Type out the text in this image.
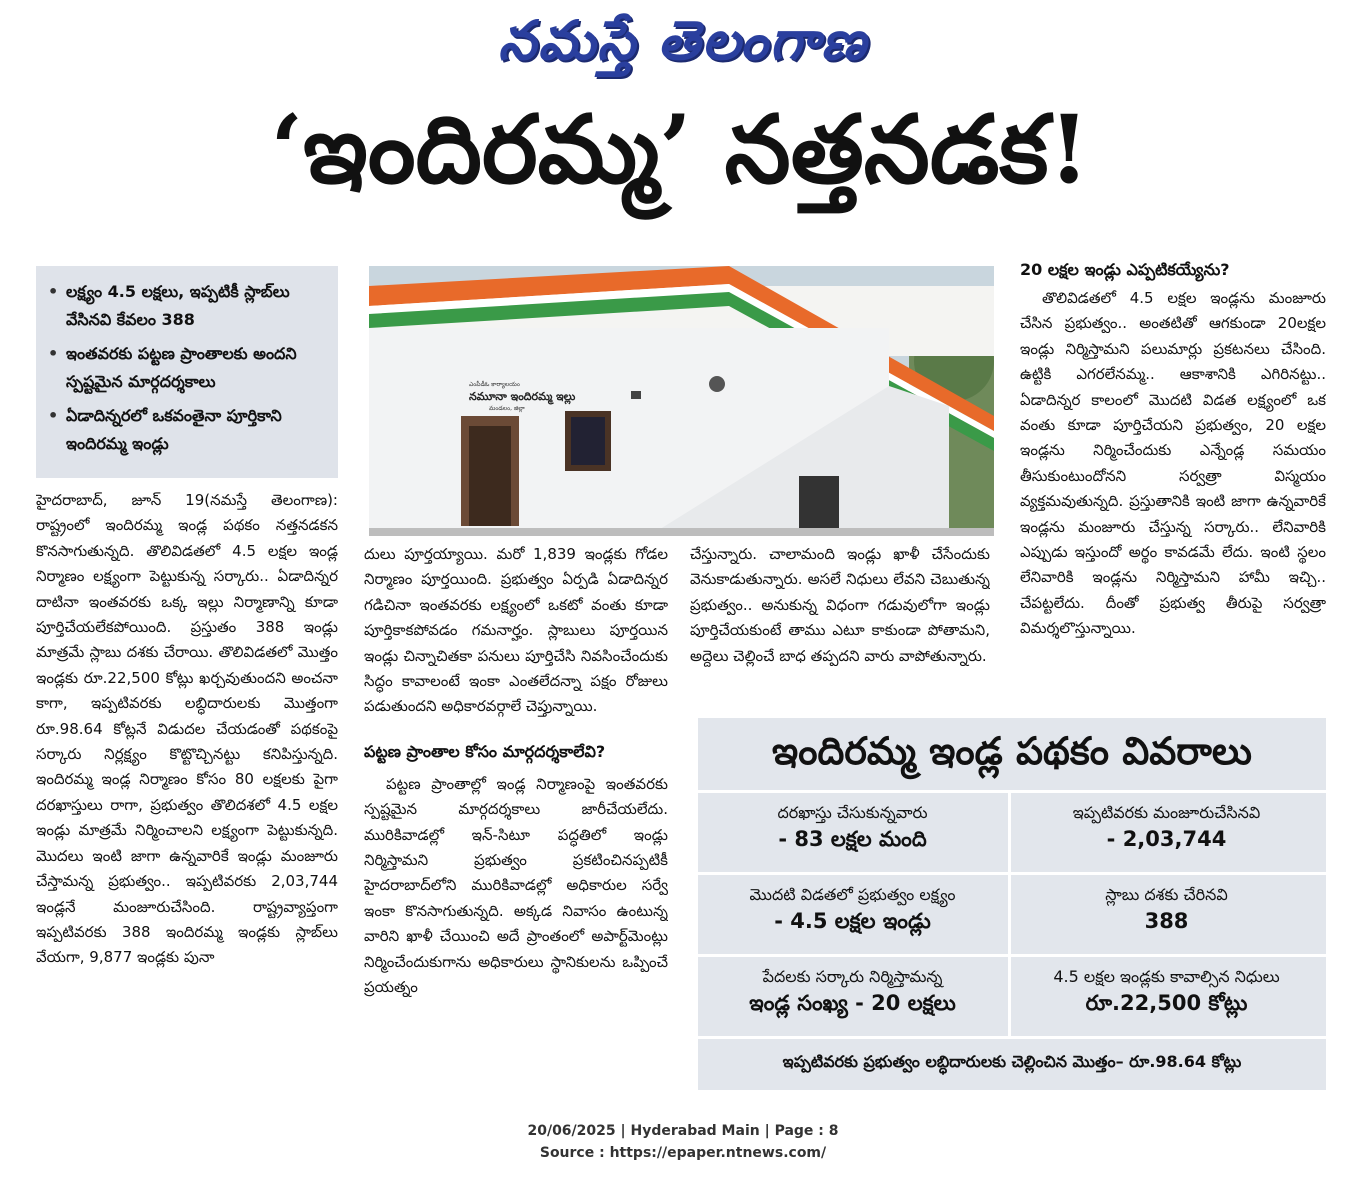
నమస్తే తెలంగాణ
‘ఇందిరమ్మ’ నత్తనడక!
• లక్ష్యం 4.5 లక్షలు, ఇప్పటికీ స్లాబ్‌లు వేసినవి కేవలం 388
• ఇంతవరకు పట్టణ ప్రాంతాలకు అందని స్పష్టమైన మార్గదర్శకాలు
• ఏడాదిన్నరలో ఒకవంతైనా పూర్తికాని ఇందిరమ్మ ఇండ్లు
ఎంపీడీఓ కార్యాలయం
నమూనా ఇందిరమ్మ ఇల్లు
మండలం, జిల్లా

హైదరాబాద్, జూన్ 19(నమస్తే తెలంగాణ): రాష్ట్రంలో ఇందిరమ్మ ఇండ్ల పథకం నత్తనడకన కొనసాగుతున్నది. తొలివిడతలో 4.5 లక్షల ఇండ్ల నిర్మాణం లక్ష్యంగా పెట్టుకున్న సర్కారు.. ఏడాదిన్నర దాటినా ఇంతవరకు ఒక్క ఇల్లు నిర్మాణాన్ని కూడా పూర్తిచేయలేకపోయింది. ప్రస్తుతం 388 ఇండ్లు మాత్రమే స్లాబు దశకు చేరాయి. తొలివిడతలో మొత్తం ఇండ్లకు రూ.22,500 కోట్లు ఖర్చవుతుందని అంచనా కాగా, ఇప్పటివరకు లబ్ధిదారులకు మొత్తంగా రూ.98.64 కోట్లనే విడుదల చేయడంతో పథకంపై సర్కారు నిర్లక్ష్యం కొట్టొచ్చినట్టు కనిపిస్తున్నది. ఇందిరమ్మ ఇండ్ల నిర్మాణం కోసం 80 లక్షలకు పైగా దరఖాస్తులు రాగా, ప్రభుత్వం తొలిదశలో 4.5 లక్షల ఇండ్లు మాత్రమే నిర్మించాలని లక్ష్యంగా పెట్టుకున్నది. మొదలు ఇంటి జాగా ఉన్నవారికే ఇండ్లు మంజూరు చేస్తామన్న ప్రభుత్వం.. ఇప్పటివరకు 2,03,744 ఇండ్లనే మంజూరుచేసింది. రాష్ట్రవ్యాప్తంగా ఇప్పటివరకు 388 ఇందిరమ్మ ఇండ్లకు స్లాబ్‌లు వేయగా, 9,877 ఇండ్లకు పునా

దులు పూర్తయ్యాయి. మరో 1,839 ఇండ్లకు గోడల నిర్మాణం పూర్తయింది. ప్రభుత్వం ఏర్పడి ఏడాదిన్నర గడిచినా ఇంతవరకు లక్ష్యంలో ఒకటో వంతు కూడా పూర్తికాకపోవడం గమనార్హం. స్లాబులు పూర్తయిన ఇండ్లు చిన్నాచితకా పనులు పూర్తిచేసి నివసించేందుకు సిద్ధం కావాలంటే ఇంకా ఎంతలేదన్నా పక్షం రోజులు పడుతుందని అధికారవర్గాలే చెప్తున్నాయి.

పట్టణ ప్రాంతాల కోసం మార్గదర్శకాలేవి?

పట్టణ ప్రాంతాల్లో ఇండ్ల నిర్మాణంపై ఇంతవరకు స్పష్టమైన మార్గదర్శకాలు జారీచేయలేదు. మురికివాడల్లో ఇన్-సిటూ పద్ధతిలో ఇండ్లు నిర్మిస్తామని ప్రభుత్వం ప్రకటించినప్పటికీ హైదరాబాద్‌లోని మురికివాడల్లో అధికారుల సర్వే ఇంకా కొనసాగుతున్నది. అక్కడ నివాసం ఉంటున్న వారిని ఖాళీ చేయించి అదే ప్రాంతంలో అపార్ట్‌మెంట్లు నిర్మించేందుకుగాను అధికారులు స్థానికులను ఒప్పించే ప్రయత్నం

చేస్తున్నారు. చాలామంది ఇండ్లు ఖాళీ చేసేందుకు వెనుకాడుతున్నారు. అసలే నిధులు లేవని చెబుతున్న ప్రభుత్వం.. అనుకున్న విధంగా గడువులోగా ఇండ్లు పూర్తిచేయకుంటే తాము ఎటూ కాకుండా పోతామని, అద్దెలు చెల్లించే బాధ తప్పదని వారు వాపోతున్నారు.

20 లక్షల ఇండ్లు ఎప్పటికయ్యేను?

తొలివిడతలో 4.5 లక్షల ఇండ్లను మంజూరు చేసిన ప్రభుత్వం.. అంతటితో ఆగకుండా 20లక్షల ఇండ్లు నిర్మిస్తామని పలుమార్లు ప్రకటనలు చేసింది. ఉట్టికి ఎగరలేనమ్మ.. ఆకాశానికి ఎగిరినట్టు.. ఏడాదిన్నర కాలంలో మొదటి విడత లక్ష్యంలో ఒక వంతు కూడా పూర్తిచేయని ప్రభుత్వం, 20 లక్షల ఇండ్లను నిర్మించేందుకు ఎన్నేండ్ల సమయం తీసుకుంటుందోనని సర్వత్రా విస్మయం వ్యక్తమవుతున్నది. ప్రస్తుతానికి ఇంటి జాగా ఉన్నవారికే ఇండ్లను మంజూరు చేస్తున్న సర్కారు.. లేనివారికి ఎప్పుడు ఇస్తుందో అర్థం కావడమే లేదు. ఇంటి స్థలం లేనివారికి ఇండ్లను నిర్మిస్తామని హామీ ఇచ్చి.. చేపట్టలేదు. దీంతో ప్రభుత్వ తీరుపై సర్వత్రా విమర్శలొస్తున్నాయి.

ఇందిరమ్మ ఇండ్ల పథకం వివరాలు
దరఖాస్తు చేసుకున్నవారు
- 83 లక్షల మంది
ఇప్పటివరకు మంజూరుచేసినవి
- 2,03,744
మొదటి విడతలో ప్రభుత్వం లక్ష్యం
- 4.5 లక్షల ఇండ్లు
స్లాబు దశకు చేరినవి
388
పేదలకు సర్కారు నిర్మిస్తామన్న
ఇండ్ల సంఖ్య - 20 లక్షలు
4.5 లక్షల ఇండ్లకు కావాల్సిన నిధులు
రూ.22,500 కోట్లు
ఇప్పటివరకు ప్రభుత్వం లబ్ధిదారులకు చెల్లించిన మొత్తం– రూ.98.64 కోట్లు
20/06/2025 | Hyderabad Main | Page : 8
Source : https://epaper.ntnews.com/
